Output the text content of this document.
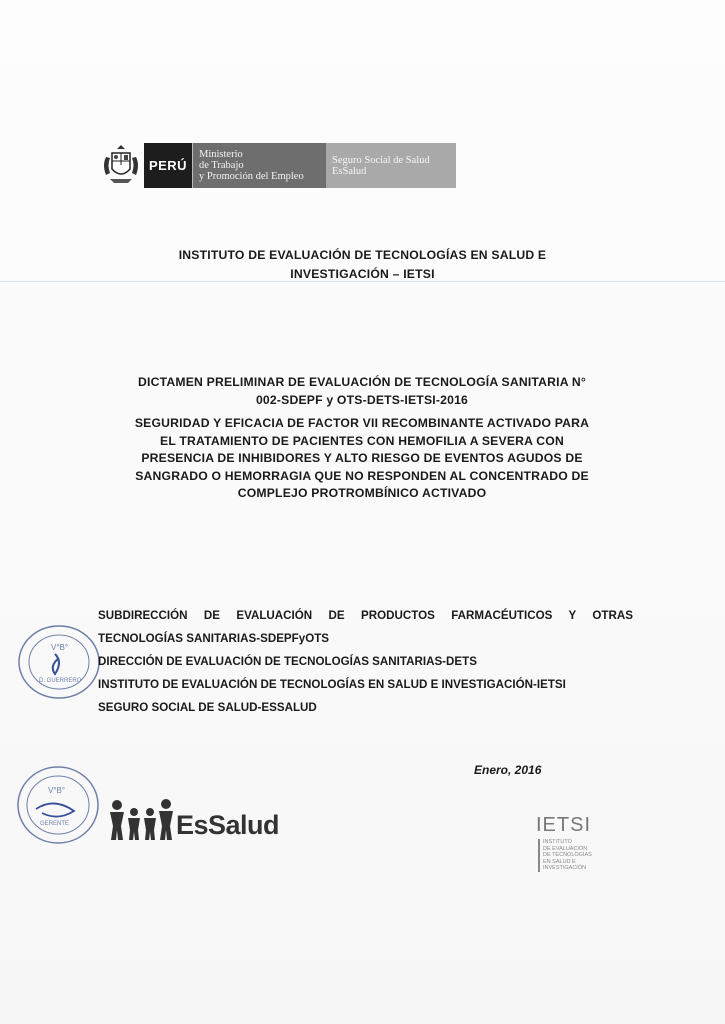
PERÚ
Ministerio
de Trabajo
y Promoción del Empleo
Seguro Social de Salud
EsSalud
INSTITUTO DE EVALUACIÓN DE TECNOLOGÍAS EN SALUD E
INVESTIGACIÓN – IETSI
DICTAMEN PRELIMINAR DE EVALUACIÓN DE TECNOLOGÍA SANITARIA N°
002-SDEPF y OTS-DETS-IETSI-2016
SEGURIDAD Y EFICACIA DE FACTOR VII RECOMBINANTE ACTIVADO PARA
EL TRATAMIENTO DE PACIENTES CON HEMOFILIA A SEVERA CON
PRESENCIA DE INHIBIDORES Y ALTO RIESGO DE EVENTOS AGUDOS DE
SANGRADO O HEMORRAGIA QUE NO RESPONDEN AL CONCENTRADO DE
COMPLEJO PROTROMBÍNICO ACTIVADO
V°B°
D. GUERRERO
SUBDIRECCIÓN DE EVALUACIÓN DE PRODUCTOS FARMACÉUTICOS Y OTRAS
TECNOLOGÍAS SANITARIAS-SDEPFyOTS
DIRECCIÓN DE EVALUACIÓN DE TECNOLOGÍAS SANITARIAS-DETS
INSTITUTO DE EVALUACIÓN DE TECNOLOGÍAS EN SALUD E INVESTIGACIÓN-IETSI
SEGURO SOCIAL DE SALUD-ESSALUD
Enero, 2016
V°B°
GERENTE	EsSalud	IETSI
INSTITUTO
DE EVALUACIÓN
DE TECNOLOGÍAS
EN SALUD E
INVESTIGACIÓN
